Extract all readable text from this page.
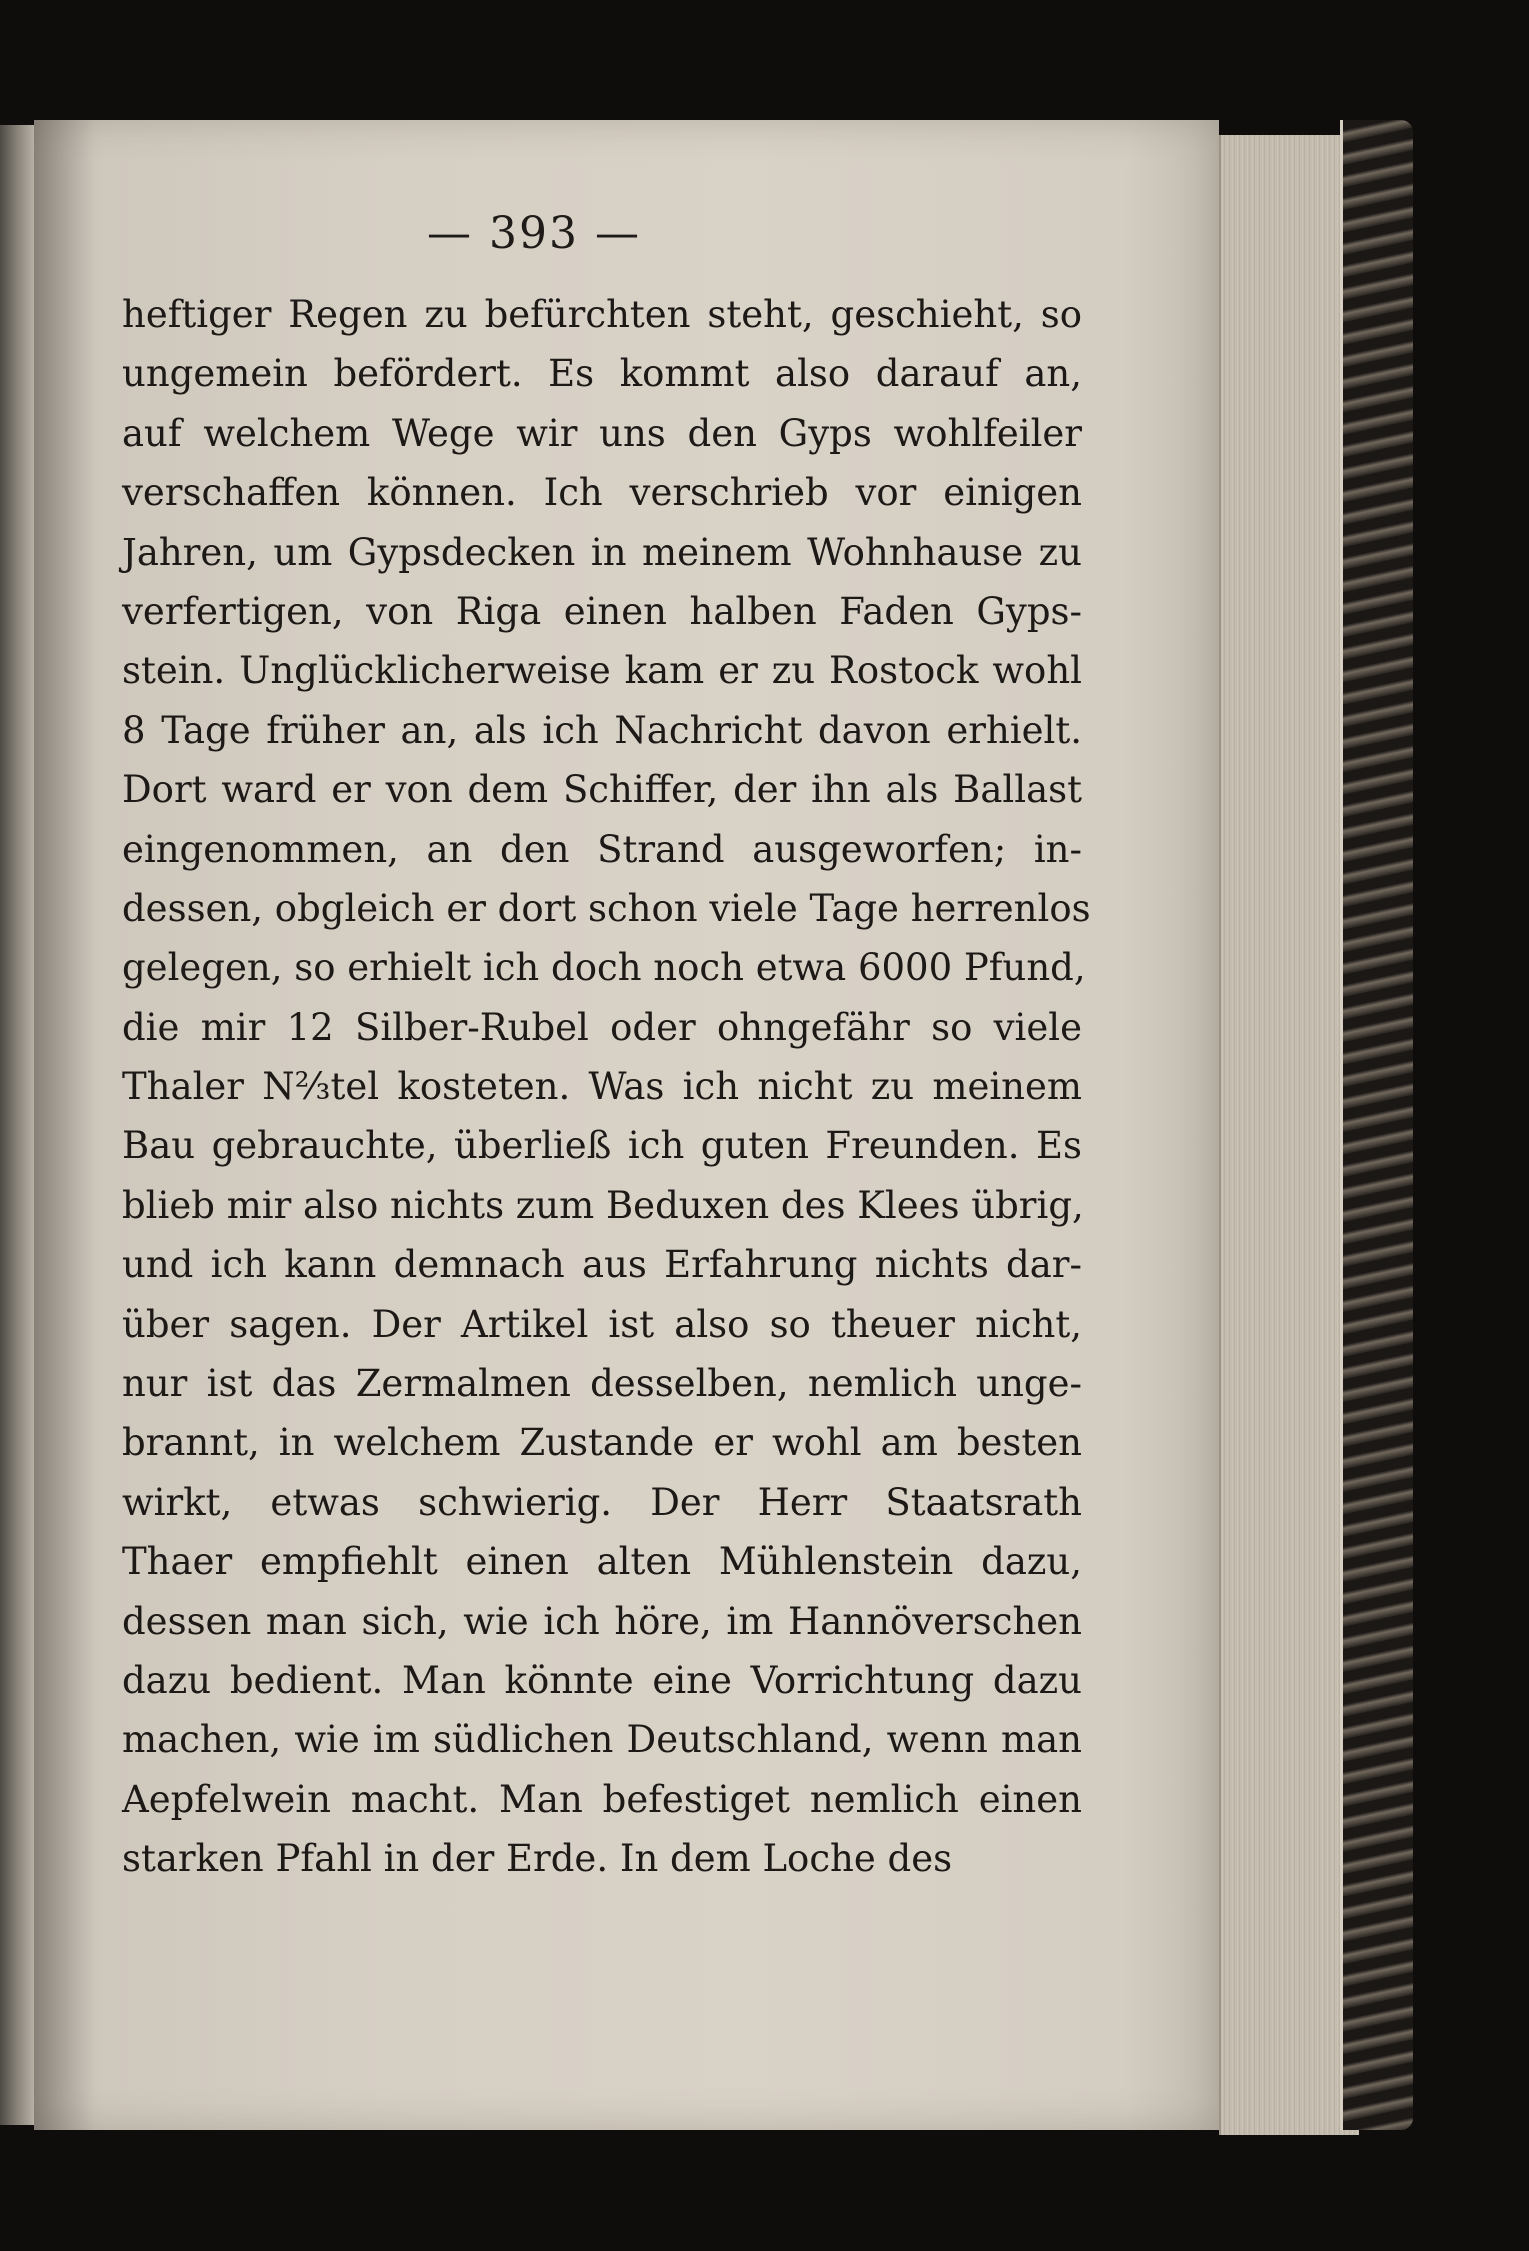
— 393 —
heftiger Regen zu befürchten steht, geschieht, so
ungemein befördert. Es kommt also darauf an,
auf welchem Wege wir uns den Gyps wohlfeiler
verschaffen können. Ich verschrieb vor einigen
Jahren, um Gypsdecken in meinem Wohnhause zu
verfertigen, von Riga einen halben Faden Gyps-
stein. Unglücklicherweise kam er zu Rostock wohl
8 Tage früher an, als ich Nachricht davon erhielt.
Dort ward er von dem Schiffer, der ihn als Ballast
eingenommen, an den Strand ausgeworfen; in-
dessen, obgleich er dort schon viele Tage herrenlos
gelegen, so erhielt ich doch noch etwa 6000 Pfund,
die mir 12 Silber-Rubel oder ohngefähr so viele
Thaler N⅔tel kosteten. Was ich nicht zu meinem
Bau gebrauchte, überließ ich guten Freunden. Es
blieb mir also nichts zum Beduxen des Klees übrig,
und ich kann demnach aus Erfahrung nichts dar-
über sagen. Der Artikel ist also so theuer nicht,
nur ist das Zermalmen desselben, nemlich unge-
brannt, in welchem Zustande er wohl am besten
wirkt, etwas schwierig. Der Herr Staatsrath
Thaer empfiehlt einen alten Mühlenstein dazu,
dessen man sich, wie ich höre, im Hannöverschen
dazu bedient. Man könnte eine Vorrichtung dazu
machen, wie im südlichen Deutschland, wenn man
Aepfelwein macht. Man befestiget nemlich einen
starken Pfahl in der Erde. In dem Loche des
